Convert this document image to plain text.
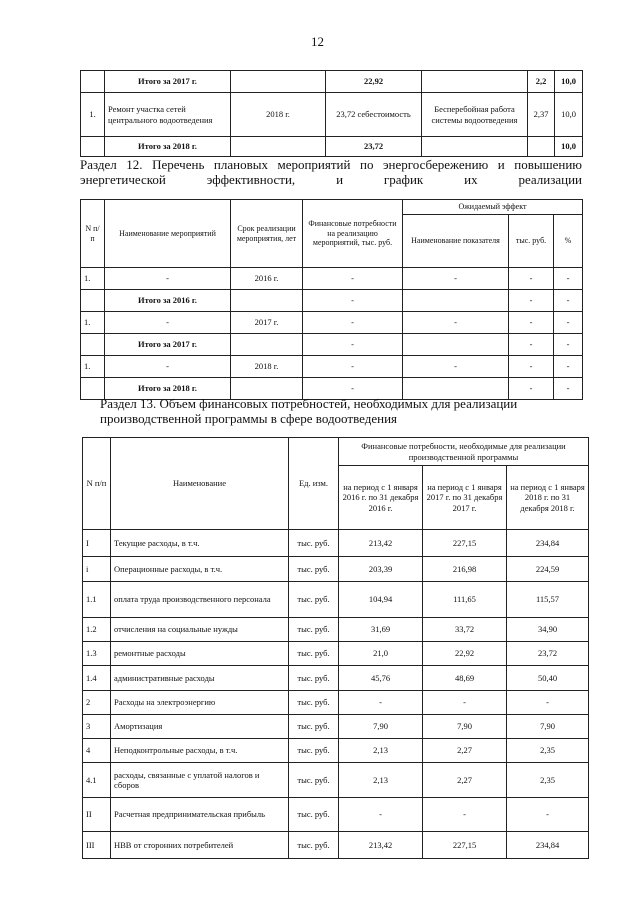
12
	Итого за 2017 г.		22,92		2,2	10,0
1.	Ремонт участка сетей центрального водоотведения	2018 г.	23,72 себестоимость	Бесперебойная работа системы водоотведения	2,37	10,0
	Итого за 2018 г.		23,72			10,0
Раздел 12. Перечень плановых мероприятий по энергосбережению и повышению энергетической эффективности, и график их реализации
N п/п	Наименование мероприятий	Срок реализации мероприятия, лет	Финансовые потребности на реализацию мероприятий, тыс. руб.	Ожидаемый эффект		
				Наименование показателя	тыс. руб.	%
1.	-	2016 г.	-	-	-	-
	Итого за 2016 г.		-		-	-
1.	-	2017 г.	-	-	-	-
	Итого за 2017 г.		-		-	-
1.	-	2018 г.	-	-	-	-
	Итого за 2018 г.		-		-	-
Раздел 13. Объем финансовых потребностей, необходимых для реализации производственной программы в сфере водоотведения
N п/п	Наименование	Ед. изм.	Финансовые потребности, необходимые для реализации производственной программы		
			на период с 1 января 2016 г. по 31 декабря 2016 г.	на период с 1 января 2017 г. по 31 декабря 2017 г.	на период с 1 января 2018 г. по 31 декабря 2018 г.
I	Текущие расходы, в т.ч.	тыс. руб.	213,42	227,15	234,84
i	Операционные расходы, в т.ч.	тыс. руб.	203,39	216,98	224,59
1.1	оплата труда производственного персонала	тыс. руб.	104,94	111,65	115,57
1.2	отчисления на социальные нужды	тыс. руб.	31,69	33,72	34,90
1.3	ремонтные расходы	тыс. руб.	21,0	22,92	23,72
1.4	административные расходы	тыс. руб.	45,76	48,69	50,40
2	Расходы на электроэнергию	тыс. руб.	-	-	-
3	Амортизация	тыс. руб.	7,90	7,90	7,90
4	Неподконтрольные расходы, в т.ч.	тыс. руб.	2,13	2,27	2,35
4.1	расходы, связанные с уплатой налогов и сборов	тыс. руб.	2,13	2,27	2,35
II	Расчетная предпринимательская прибыль	тыс. руб.	-	-	-
III	НВВ от сторонних потребителей	тыс. руб.	213,42	227,15	234,84
